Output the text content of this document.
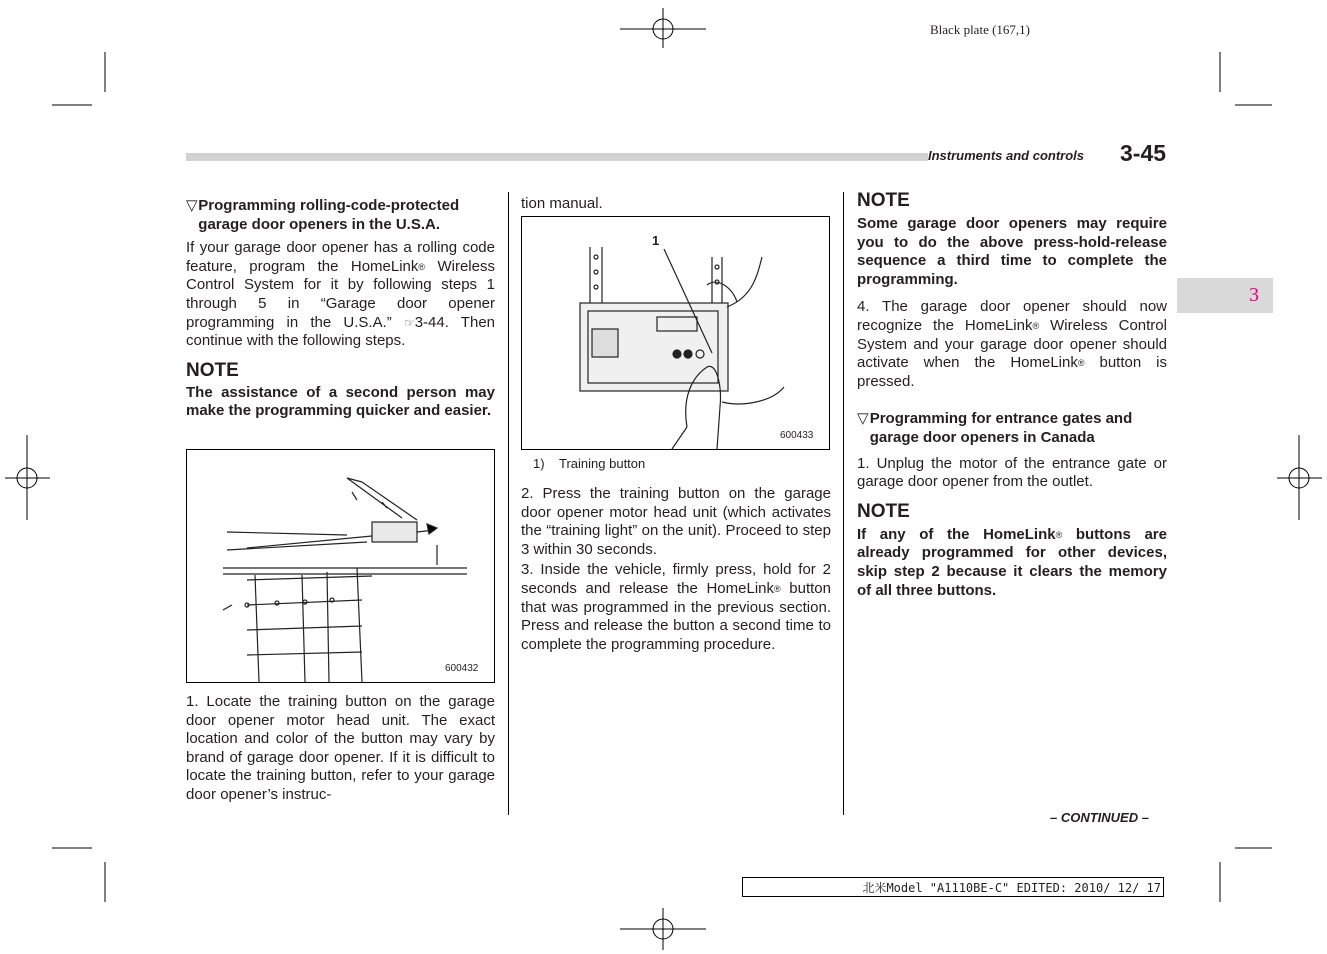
Black plate (167,1)
Instruments and controls 3-45
3
▽ Programming rolling-code-protected garage door openers in the U.S.A.

If your garage door opener has a rolling code feature, program the HomeLink® Wireless Control System for it by following steps 1 through 5 in “Garage door opener programming in the U.S.A.” ☞3-44. Then continue with the following steps.

NOTE

The assistance of a second person may make the programming quicker and easier.

600432

1. Locate the training button on the garage door opener motor head unit. The exact location and color of the button may vary by brand of garage door opener. If it is difficult to locate the training button, refer to your garage door opener’s instruc-

tion manual.

1
600433
1) Training button

2. Press the training button on the garage door opener motor head unit (which activates the “training light” on the unit). Proceed to step 3 within 30 seconds.

3. Inside the vehicle, firmly press, hold for 2 seconds and release the HomeLink® button that was programmed in the previous section. Press and release the button a second time to complete the programming procedure.

NOTE

Some garage door openers may require you to do the above press-hold-release sequence a third time to complete the programming.

4. The garage door opener should now recognize the HomeLink® Wireless Control System and your garage door opener should activate when the HomeLink® button is pressed.

▽ Programming for entrance gates and garage door openers in Canada

1. Unplug the motor of the entrance gate or garage door opener from the outlet.

NOTE

If any of the HomeLink® buttons are already programmed for other devices, skip step 2 because it clears the memory of all three buttons.

– CONTINUED –
北米Model "A1110BE-C" EDITED: 2010/ 12/ 17
